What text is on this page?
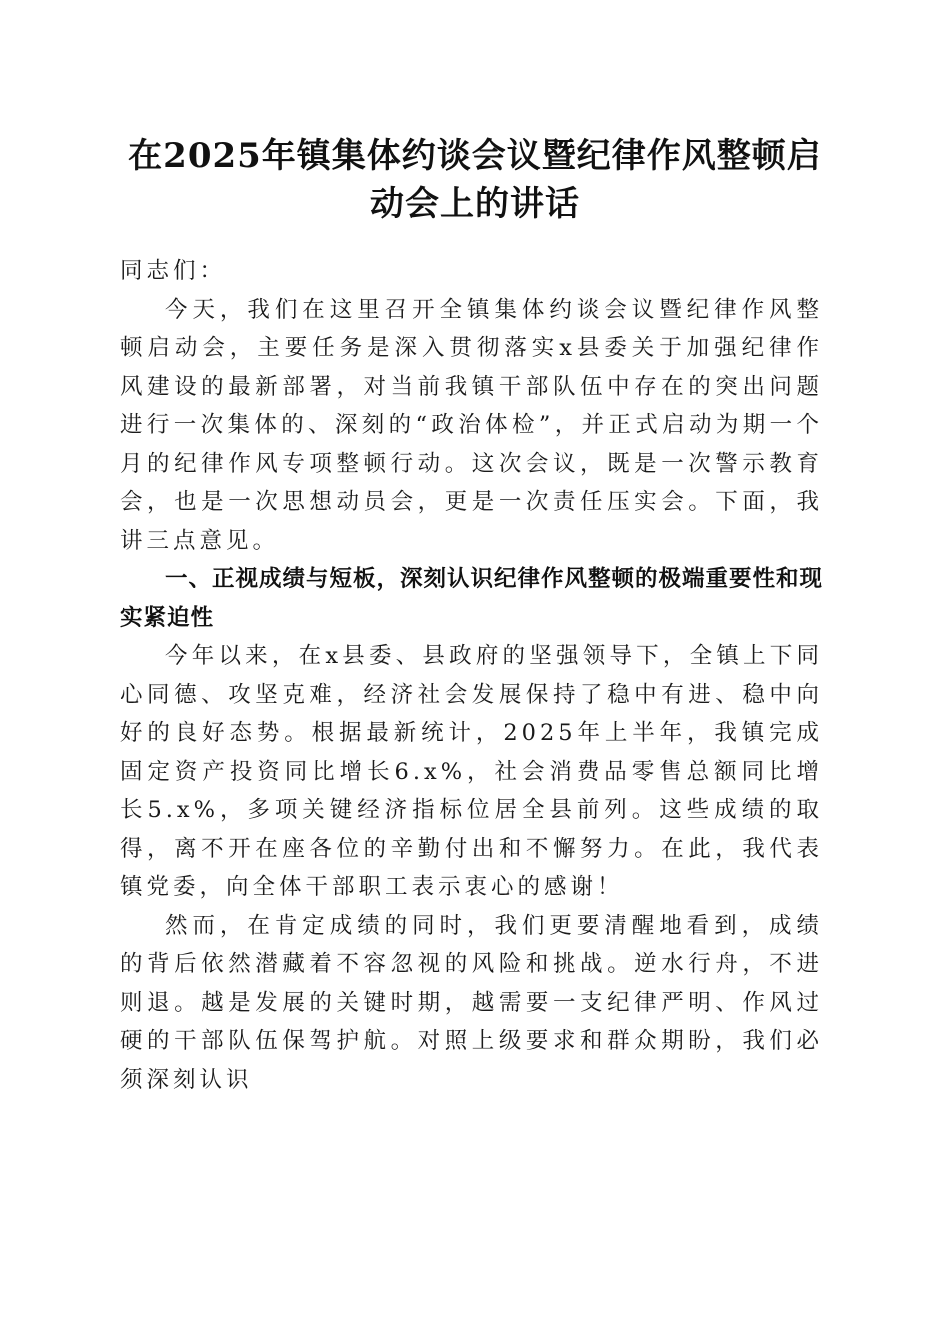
在2025年镇集体约谈会议暨纪律作风整顿启动会上的讲话

同志们：

今天，我们在这里召开全镇集体约谈会议暨纪律作风整顿启动会，主要任务是深入贯彻落实x县委关于加强纪律作风建设的最新部署，对当前我镇干部队伍中存在的突出问题进行一次集体的、深刻的“政治体检”，并正式启动为期一个月的纪律作风专项整顿行动。这次会议，既是一次警示教育会，也是一次思想动员会，更是一次责任压实会。下面，我讲三点意见。

一、正视成绩与短板，深刻认识纪律作风整顿的极端重要性和现实紧迫性

今年以来，在x县委、县政府的坚强领导下，全镇上下同心同德、攻坚克难，经济社会发展保持了稳中有进、稳中向好的良好态势。根据最新统计，2025年上半年，我镇完成固定资产投资同比增长6.x%，社会消费品零售总额同比增长5.x%，多项关键经济指标位居全县前列。这些成绩的取得，离不开在座各位的辛勤付出和不懈努力。在此，我代表镇党委，向全体干部职工表示衷心的感谢！

然而，在肯定成绩的同时，我们更要清醒地看到，成绩的背后依然潜藏着不容忽视的风险和挑战。逆水行舟，不进则退。越是发展的关键时期，越需要一支纪律严明、作风过硬的干部队伍保驾护航。对照上级要求和群众期盼，我们必须深刻认识
